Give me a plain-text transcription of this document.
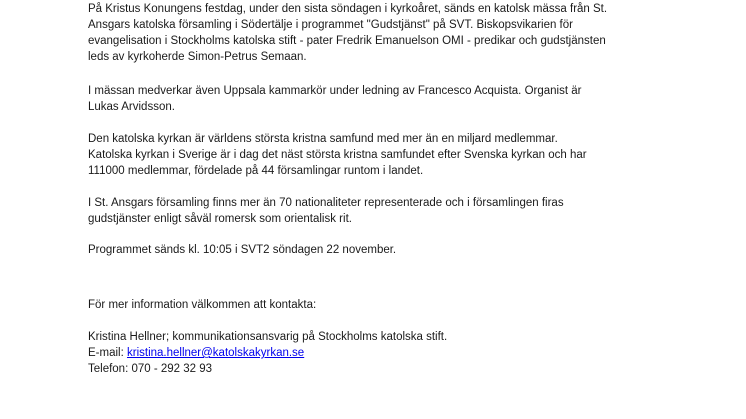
På Kristus Konungens festdag, under den sista söndagen i kyrkoåret, sänds en katolsk mässa från St.
Ansgars katolska församling i Södertälje i programmet "Gudstjänst" på SVT. Biskopsvikarien för
evangelisation i Stockholms katolska stift - pater Fredrik Emanuelson OMI - predikar och gudstjänsten
leds av kyrkoherde Simon-Petrus Semaan.

I mässan medverkar även Uppsala kammarkör under ledning av Francesco Acquista. Organist är
Lukas Arvidsson.

Den katolska kyrkan är världens största kristna samfund med mer än en miljard medlemmar.
Katolska kyrkan i Sverige är i dag det näst största kristna samfundet efter Svenska kyrkan och har
111000 medlemmar, fördelade på 44 församlingar runtom i landet.

I St. Ansgars församling finns mer än 70 nationaliteter representerade och i församlingen firas
gudstjänster enligt såväl romersk som orientalisk rit.

Programmet sänds kl. 10:05 i SVT2 söndagen 22 november.

För mer information välkommen att kontakta:

Kristina Hellner; kommunikationsansvarig på Stockholms katolska stift.
E-mail: kristina.hellner@katolskakyrkan.se
Telefon: 070 - 292 32 93
